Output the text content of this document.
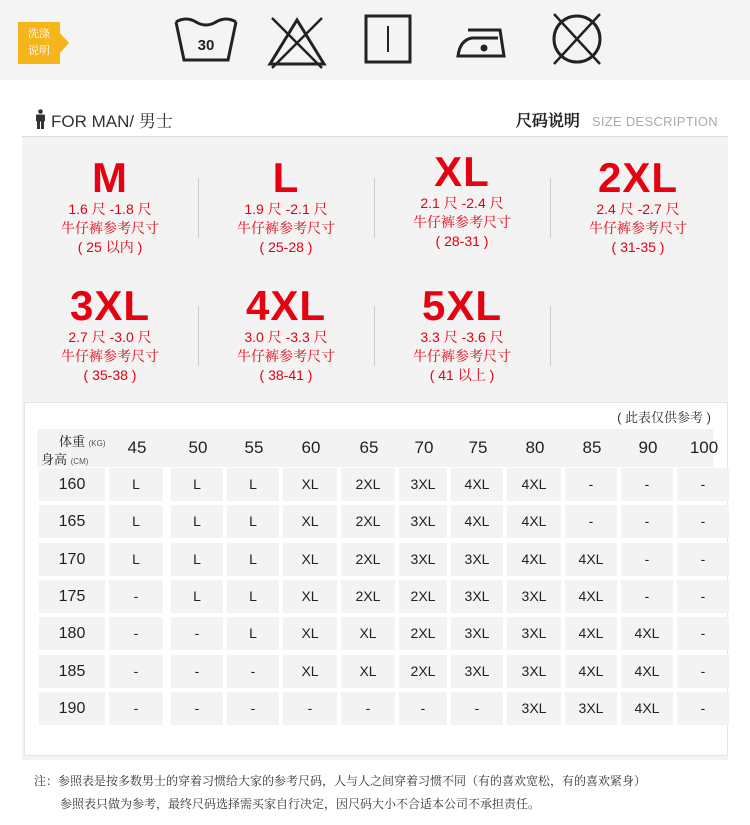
洗涤
说明	30
FOR MAN/ 男士	尺码说明 SIZE DESCRIPTION
M
1.6 尺 -1.8 尺
牛仔裤参考尺寸
( 25 以内 )
L
1.9 尺 -2.1 尺
牛仔裤参考尺寸
( 25-28 )
XL
2.1 尺 -2.4 尺
牛仔裤参考尺寸
( 28-31 )
2XL
2.4 尺 -2.7 尺
牛仔裤参考尺寸
( 31-35 )
3XL
2.7 尺 -3.0 尺
牛仔裤参考尺寸
( 35-38 )
4XL
3.0 尺 -3.3 尺
牛仔裤参考尺寸
( 38-41 )
5XL
3.3 尺 -3.6 尺
牛仔裤参考尺寸
( 41 以上 )
( 此表仅供参考 )
体重 (KG)
身高 (CM)
45	50	55	60	65	70	75	80	85	90	100
160	L	L	L	XL	2XL	3XL	4XL	4XL	-	-	-
165	L	L	L	XL	2XL	3XL	4XL	4XL	-	-	-
170	L	L	L	XL	2XL	3XL	3XL	4XL	4XL	-	-
175	-	L	L	XL	2XL	2XL	3XL	3XL	4XL	-	-
180	-	-	L	XL	XL	2XL	3XL	3XL	4XL	4XL	-
185	-	-	-	XL	XL	2XL	3XL	3XL	4XL	4XL	-
190	-	-	-	-	-	-	-	3XL	3XL	4XL	-
注：参照表是按多数男士的穿着习惯给大家的参考尺码，人与人之间穿着习惯不同（有的喜欢宽松，有的喜欢紧身）
参照表只做为参考，最终尺码选择需买家自行决定，因尺码大小不合适本公司不承担责任。
